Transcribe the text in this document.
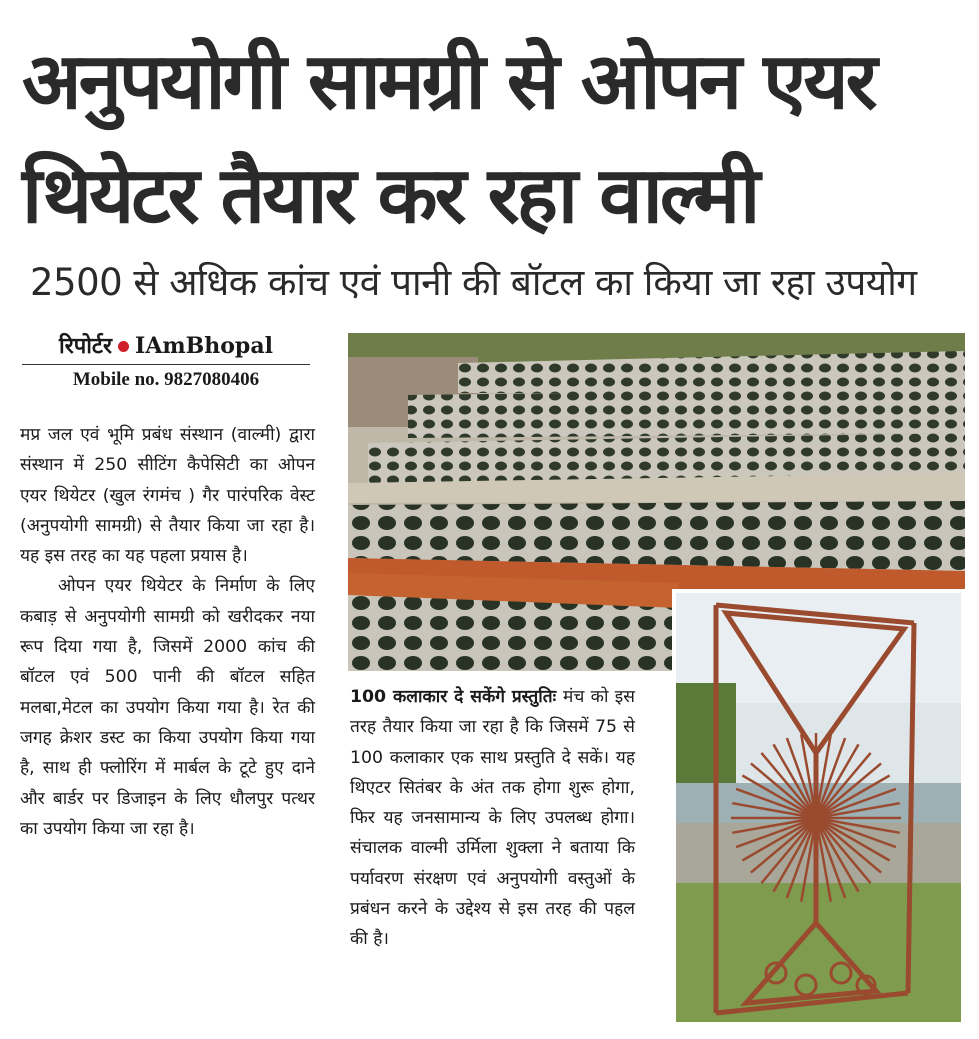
अनुपयोगी सामग्री से ओपन एयर
थियेटर तैयार कर रहा वाल्मी
2500 से अधिक कांच एवं पानी की बॉटल का किया जा रहा उपयोग
रिपोर्टर IAmBhopal
Mobile no. 9827080406

मप्र जल एवं भूमि प्रबंध संस्थान (वाल्मी) द्वारा संस्थान में 250 सीटिंग कैपेसिटी का ओपन एयर थियेटर (खुल रंगमंच ) गैर पारंपरिक वेस्ट (अनुपयोगी सामग्री) से तैयार किया जा रहा है। यह इस तरह का यह पहला प्रयास है।

ओपन एयर थियेटर के निर्माण के लिए कबाड़ से अनुपयोगी सामग्री को खरीदकर नया रूप दिया गया है, जिसमें 2000 कांच की बॉटल एवं 500 पानी की बॉटल सहित मलबा,मेटल का उपयोग किया गया है। रेत की जगह क्रेशर डस्ट का किया उपयोग किया गया है, साथ ही फ्लोरिंग में मार्बल के टूटे हुए दाने और बार्डर पर डिजाइन के लिए धौलपुर पत्थर का उपयोग किया जा रहा है।

100 कलाकार दे सकेंगे प्रस्तुतिः मंच को इस तरह तैयार किया जा रहा है कि जिसमें 75 से 100 कलाकार एक साथ प्रस्तुति दे सकें। यह थिएटर सितंबर के अंत तक होगा शुरू होगा, फिर यह जनसामान्य के लिए उपलब्ध होगा। संचालक वाल्मी उर्मिला शुक्ला ने बताया कि पर्यावरण संरक्षण एवं अनुपयोगी वस्तुओं के प्रबंधन करने के उद्देश्य से इस तरह की पहल की है।
